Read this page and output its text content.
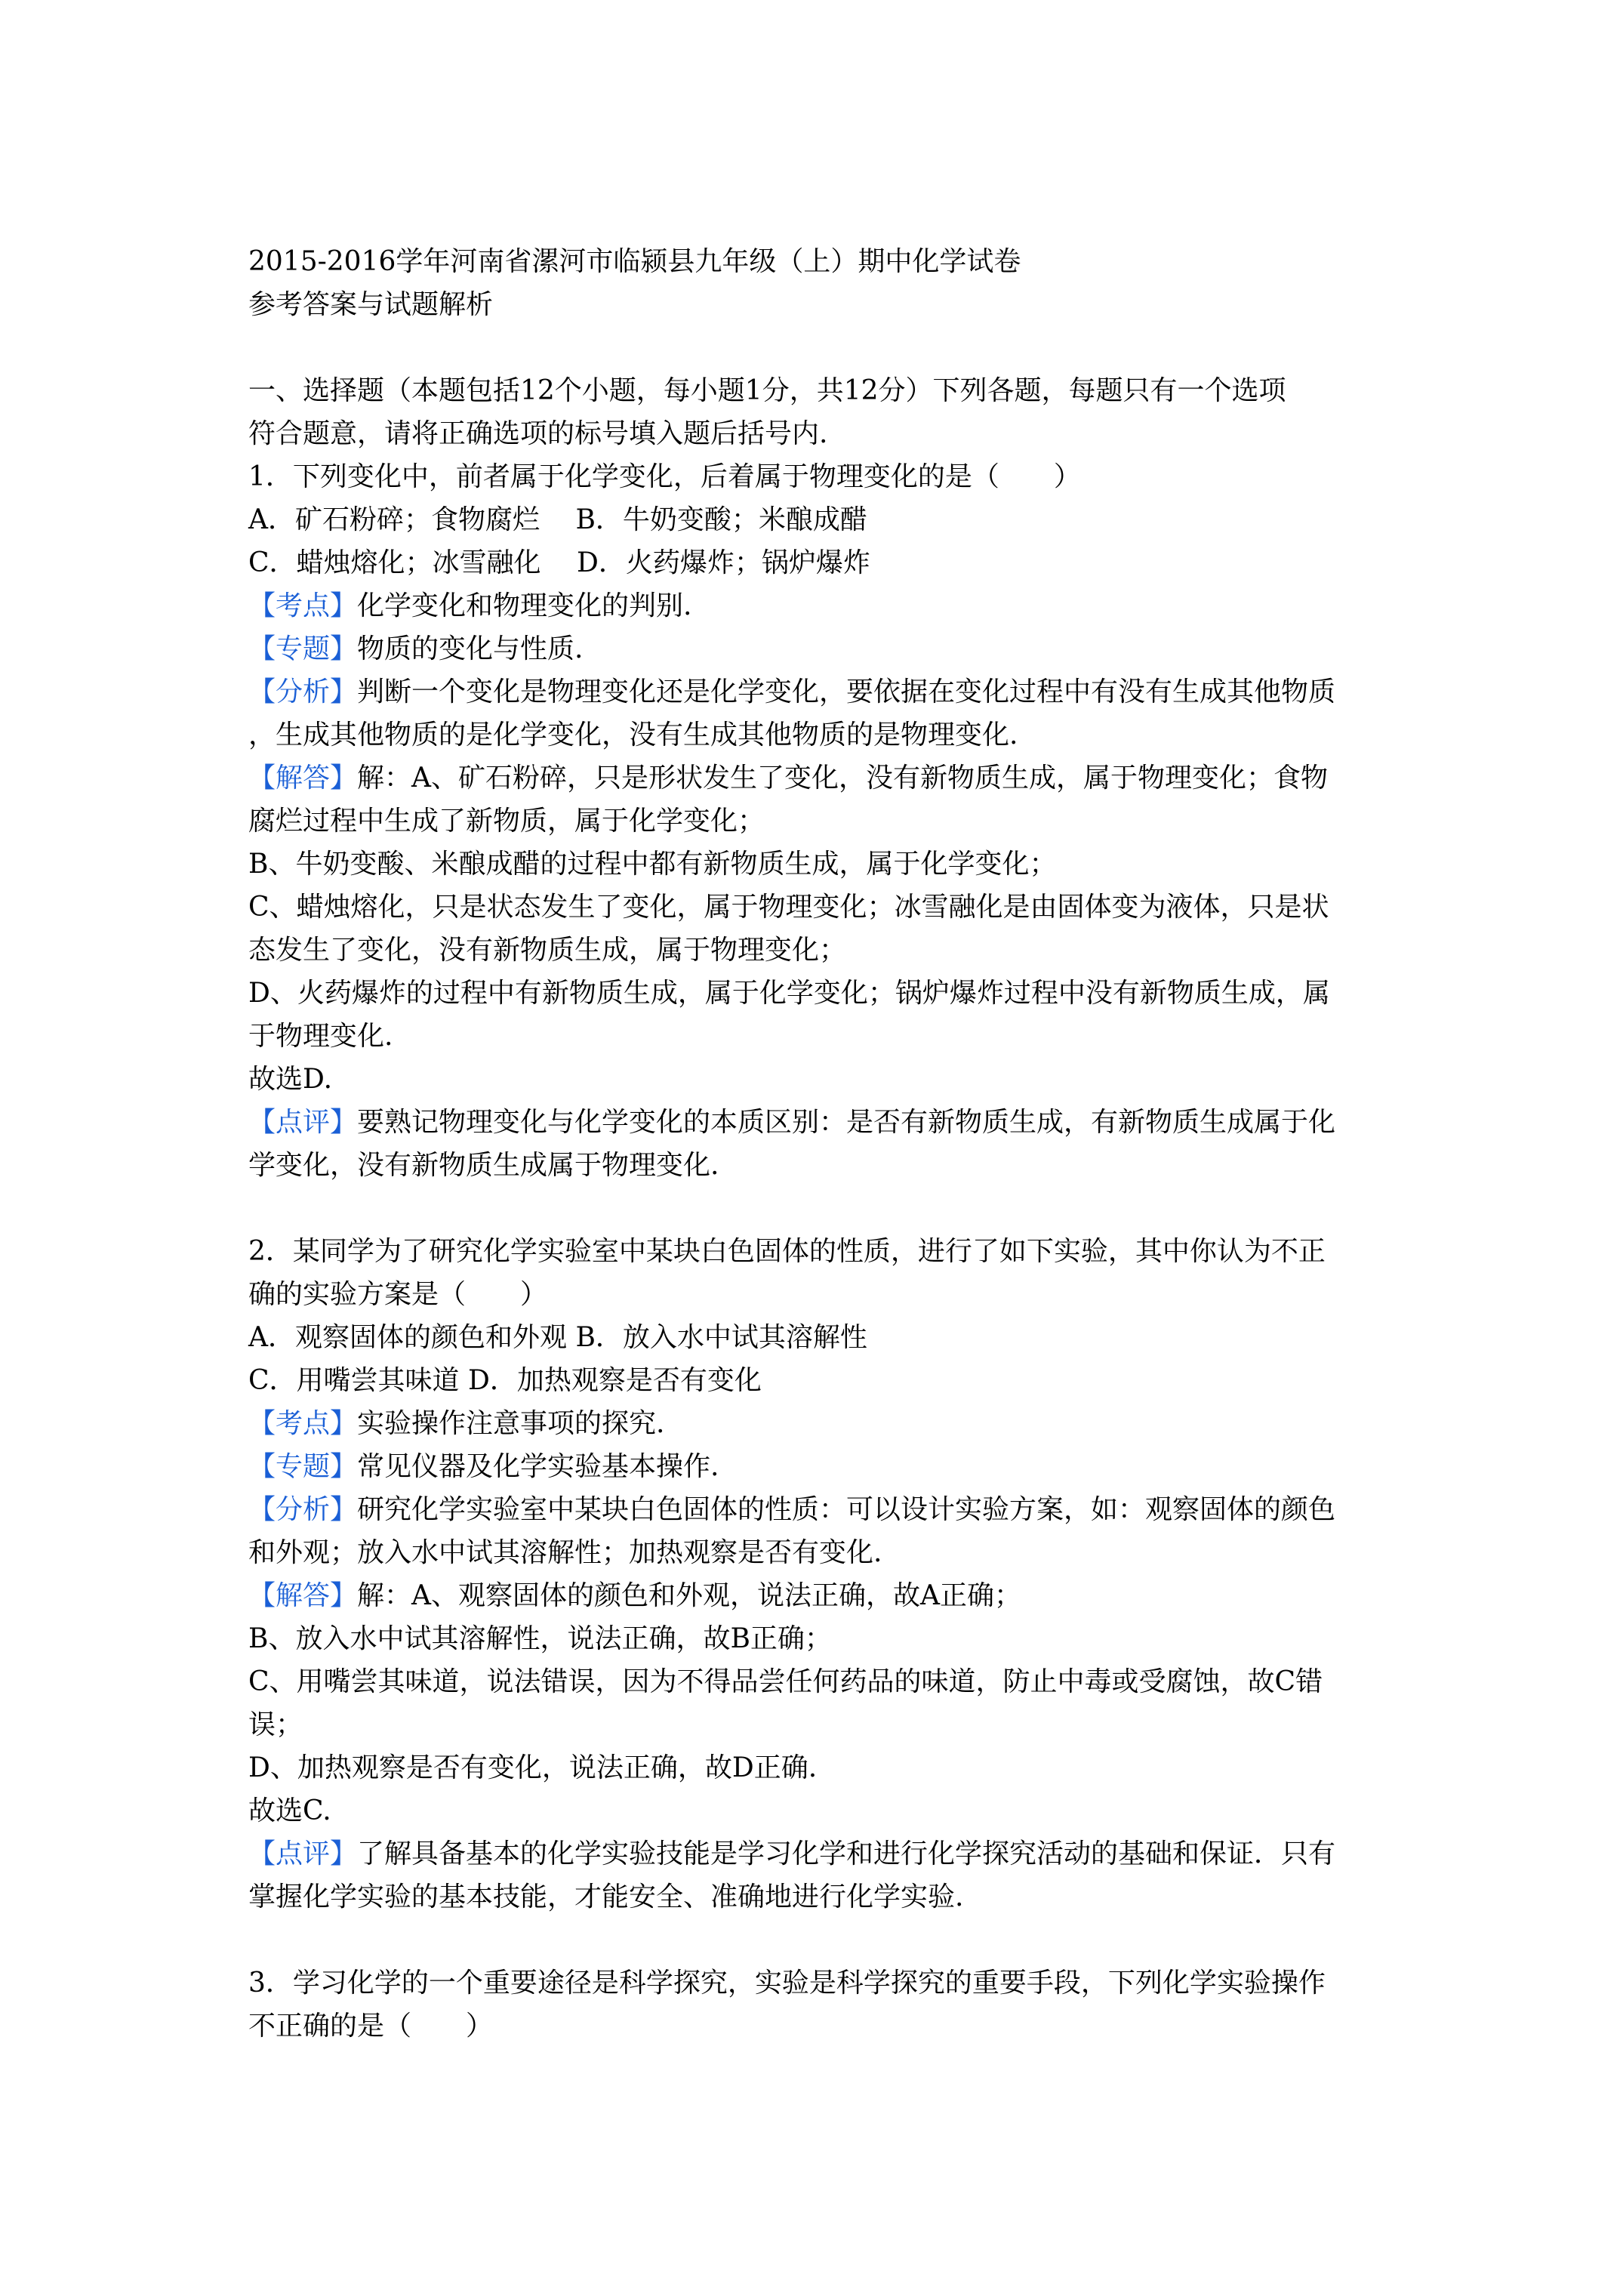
2015-2016学年河南省漯河市临颍县九年级（上）期中化学试卷
参考答案与试题解析
一、选择题（本题包括12个小题，每小题1分，共12分）下列各题，每题只有一个选项
符合题意，请将正确选项的标号填入题后括号内.
1．下列变化中，前者属于化学变化，后着属于物理变化的是（　　）
A．矿石粉碎；食物腐烂　 B．牛奶变酸；米酿成醋
C．蜡烛熔化；冰雪融化　 D．火药爆炸；锅炉爆炸
【考点】化学变化和物理变化的判别.
【专题】物质的变化与性质.
【分析】判断一个变化是物理变化还是化学变化，要依据在变化过程中有没有生成其他物质
，生成其他物质的是化学变化，没有生成其他物质的是物理变化.
【解答】解：A、矿石粉碎，只是形状发生了变化，没有新物质生成，属于物理变化；食物
腐烂过程中生成了新物质，属于化学变化；
B、牛奶变酸、米酿成醋的过程中都有新物质生成，属于化学变化；
C、蜡烛熔化，只是状态发生了变化，属于物理变化；冰雪融化是由固体变为液体，只是状
态发生了变化，没有新物质生成，属于物理变化；
D、火药爆炸的过程中有新物质生成，属于化学变化；锅炉爆炸过程中没有新物质生成，属
于物理变化.
故选D.
【点评】要熟记物理变化与化学变化的本质区别：是否有新物质生成，有新物质生成属于化
学变化，没有新物质生成属于物理变化.
2．某同学为了研究化学实验室中某块白色固体的性质，进行了如下实验，其中你认为不正
确的实验方案是（　　）
A．观察固体的颜色和外观 B．放入水中试其溶解性
C．用嘴尝其味道 D．加热观察是否有变化
【考点】实验操作注意事项的探究.
【专题】常见仪器及化学实验基本操作.
【分析】研究化学实验室中某块白色固体的性质：可以设计实验方案，如：观察固体的颜色
和外观；放入水中试其溶解性；加热观察是否有变化.
【解答】解：A、观察固体的颜色和外观，说法正确，故A正确；
B、放入水中试其溶解性，说法正确，故B正确；
C、用嘴尝其味道，说法错误，因为不得品尝任何药品的味道，防止中毒或受腐蚀，故C错
误；
D、加热观察是否有变化，说法正确，故D正确.
故选C.
【点评】了解具备基本的化学实验技能是学习化学和进行化学探究活动的基础和保证．只有
掌握化学实验的基本技能，才能安全、准确地进行化学实验.
3．学习化学的一个重要途径是科学探究，实验是科学探究的重要手段，下列化学实验操作
不正确的是（　　）
